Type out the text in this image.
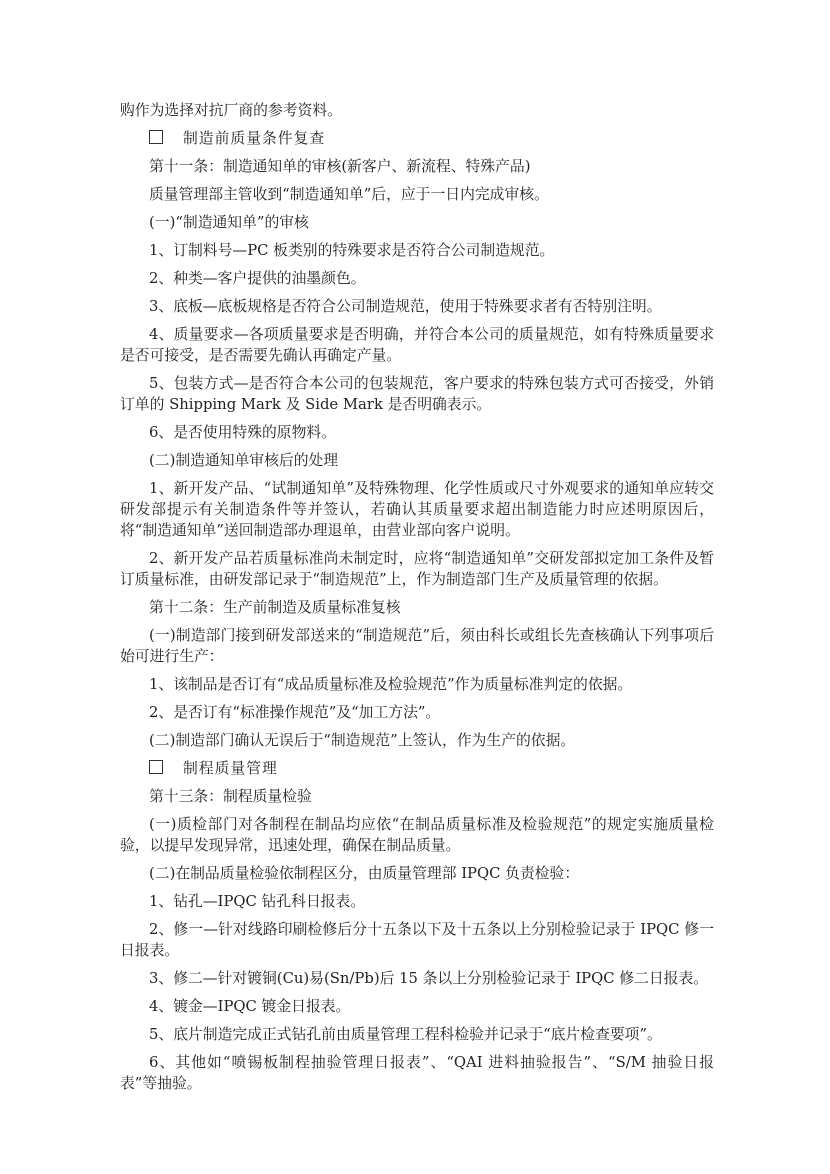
购作为选择对抗厂商的参考资料。

制造前质量条件复查

第十一条：制造通知单的审核(新客户、新流程、特殊产品)

质量管理部主管收到“制造通知单”后，应于一日内完成审核。

(一)“制造通知单”的审核

1、订制料号—PC 板类别的特殊要求是否符合公司制造规范。

2、种类—客户提供的油墨颜色。

3、底板—底板规格是否符合公司制造规范，使用于特殊要求者有否特别注明。

4、质量要求—各项质量要求是否明确，并符合本公司的质量规范，如有特殊质量要求是否可接受，是否需要先确认再确定产量。

5、包装方式—是否符合本公司的包装规范，客户要求的特殊包装方式可否接受，外销订单的 Shipping Mark 及 Side Mark 是否明确表示。

6、是否使用特殊的原物料。

(二)制造通知单审核后的处理

1、新开发产品、“试制通知单”及特殊物理、化学性质或尺寸外观要求的通知单应转交研发部提示有关制造条件等并签认，若确认其质量要求超出制造能力时应述明原因后，将“制造通知单”送回制造部办理退单，由营业部向客户说明。

2、新开发产品若质量标准尚未制定时，应将“制造通知单”交研发部拟定加工条件及暂订质量标准，由研发部记录于“制造规范”上，作为制造部门生产及质量管理的依据。

第十二条：生产前制造及质量标准复核

(一)制造部门接到研发部送来的“制造规范”后，须由科长或组长先查核确认下列事项后始可进行生产：

1、该制品是否订有“成品质量标准及检验规范”作为质量标准判定的依据。

2、是否订有“标准操作规范”及“加工方法”。

(二)制造部门确认无误后于“制造规范”上签认，作为生产的依据。

制程质量管理

第十三条：制程质量检验

(一)质检部门对各制程在制品均应依“在制品质量标准及检验规范”的规定实施质量检验，以提早发现异常，迅速处理，确保在制品质量。

(二)在制品质量检验依制程区分，由质量管理部 IPQC 负责检验：

1、钻孔—IPQC 钻孔科日报表。

2、修一—针对线路印刷检修后分十五条以下及十五条以上分别检验记录于 IPQC 修一日报表。

3、修二—针对镀铜(Cu)易(Sn/Pb)后 15 条以上分别检验记录于 IPQC 修二日报表。

4、镀金—IPQC 镀金日报表。

5、底片制造完成正式钻孔前由质量管理工程科检验并记录于“底片检查要项”。

6、其他如“喷锡板制程抽验管理日报表”、“QAI 进料抽验报告”、“S/M 抽验日报表”等抽验。
